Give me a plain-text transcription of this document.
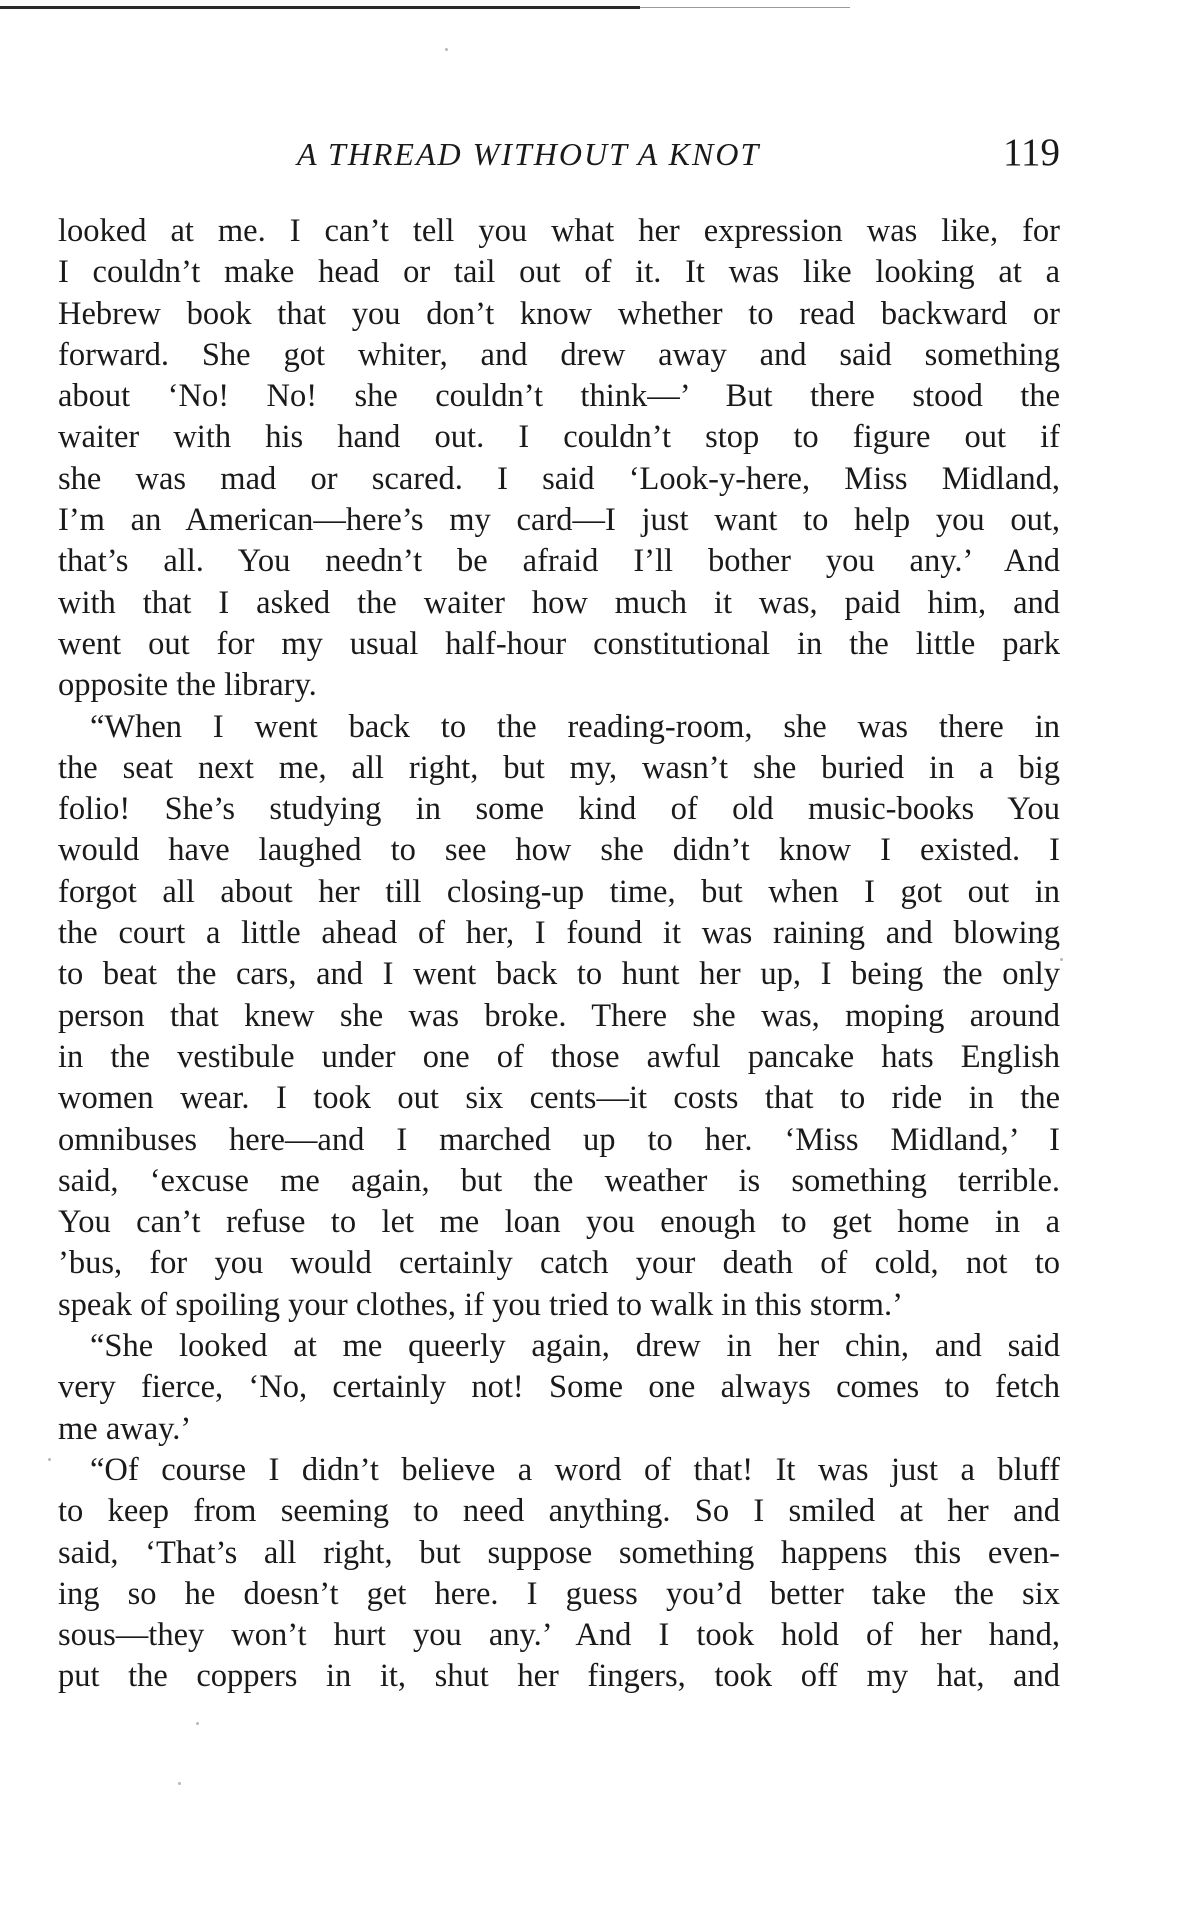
A THREAD WITHOUT A KNOT	119
looked at me. I can’t tell you what her expression was like, for
I couldn’t make head or tail out of it. It was like looking at a
Hebrew book that you don’t know whether to read backward or
forward. She got whiter, and drew away and said something
about ‘No! No! she couldn’t think—’ But there stood the
waiter with his hand out. I couldn’t stop to figure out if
she was mad or scared. I said ‘Look-y-here, Miss Midland,
I’m an American—here’s my card—I just want to help you out,
that’s all. You needn’t be afraid I’ll bother you any.’ And
with that I asked the waiter how much it was, paid him, and
went out for my usual half-hour constitutional in the little park
opposite the library.
“When I went back to the reading-room, she was there in
the seat next me, all right, but my, wasn’t she buried in a big
folio! She’s studying in some kind of old music-books You
would have laughed to see how she didn’t know I existed. I
forgot all about her till closing-up time, but when I got out in
the court a little ahead of her, I found it was raining and blowing
to beat the cars, and I went back to hunt her up, I being the only
person that knew she was broke. There she was, moping around
in the vestibule under one of those awful pancake hats English
women wear. I took out six cents—it costs that to ride in the
omnibuses here—and I marched up to her. ‘Miss Midland,’ I
said, ‘excuse me again, but the weather is something terrible.
You can’t refuse to let me loan you enough to get home in a
’bus, for you would certainly catch your death of cold, not to
speak of spoiling your clothes, if you tried to walk in this storm.’
“She looked at me queerly again, drew in her chin, and said
very fierce, ‘No, certainly not! Some one always comes to fetch
me away.’
“Of course I didn’t believe a word of that! It was just a bluff
to keep from seeming to need anything. So I smiled at her and
said, ‘That’s all right, but suppose something happens this even-
ing so he doesn’t get here. I guess you’d better take the six
sous—they won’t hurt you any.’ And I took hold of her hand,
put the coppers in it, shut her fingers, took off my hat, and
